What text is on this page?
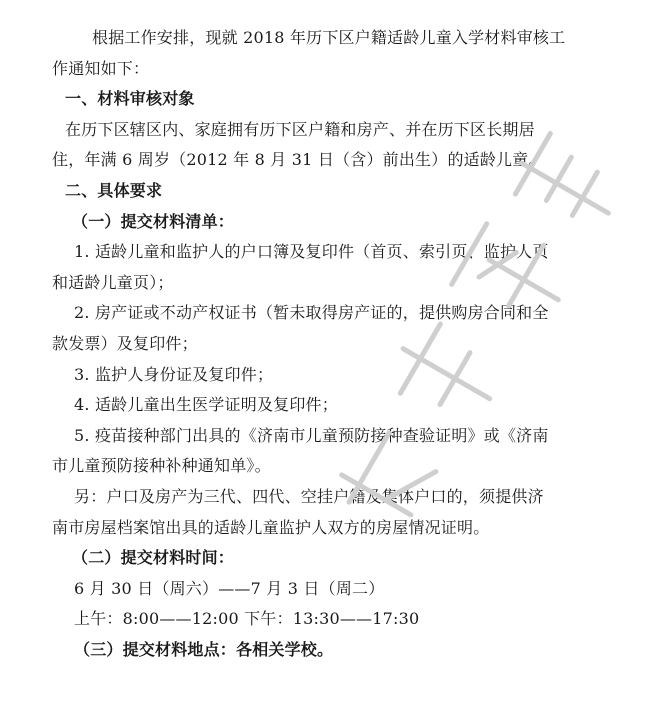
根据工作安排，现就 2018 年历下区户籍适龄儿童入学材料审核工
作通知如下：
一、材料审核对象
在历下区辖区内、家庭拥有历下区户籍和房产、并在历下区长期居
住，年满 6 周岁（2012 年 8 月 31 日（含）前出生）的适龄儿童。
二、具体要求
（一）提交材料清单：
1. 适龄儿童和监护人的户口簿及复印件（首页、索引页、监护人页
和适龄儿童页）；
2. 房产证或不动产权证书（暂未取得房产证的，提供购房合同和全
款发票）及复印件；
3. 监护人身份证及复印件；
4. 适龄儿童出生医学证明及复印件；
5. 疫苗接种部门出具的《济南市儿童预防接种查验证明》或《济南
市儿童预防接种补种通知单》。
另：户口及房产为三代、四代、空挂户籍及集体户口的，须提供济
南市房屋档案馆出具的适龄儿童监护人双方的房屋情况证明。
（二）提交材料时间：
6 月 30 日（周六）——7 月 3 日（周二）
上午：8:00——12:00 下午：13:30——17:30
（三）提交材料地点：各相关学校。
